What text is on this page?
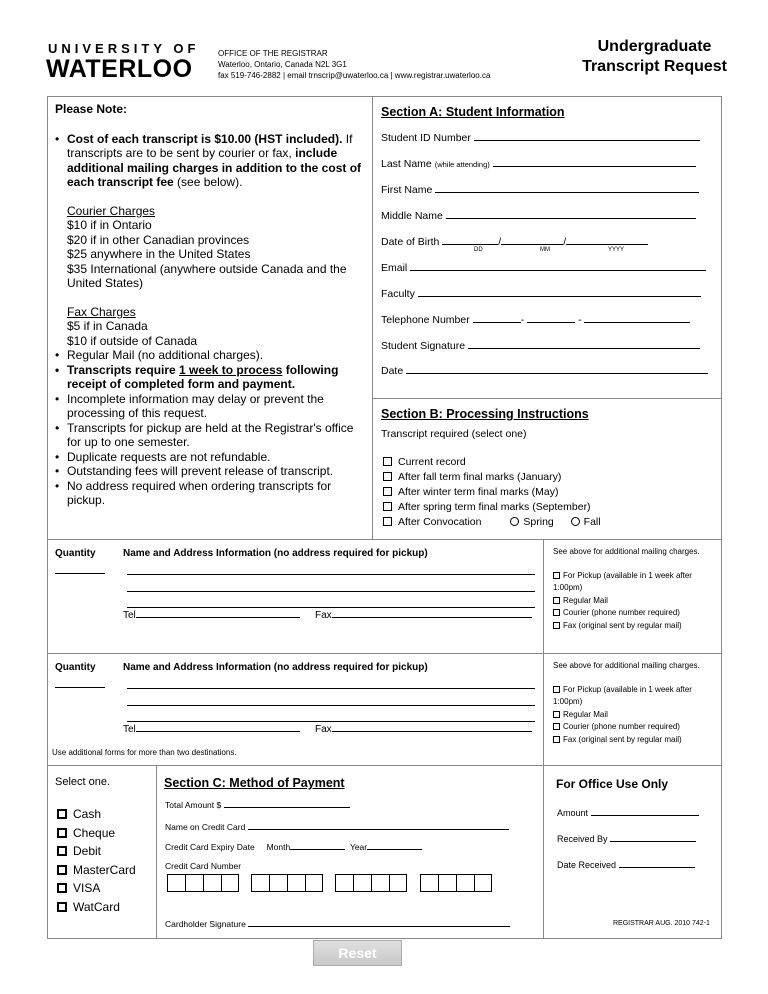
UNIVERSITY OF
WATERLOO
OFFICE OF THE REGISTRAR
Waterloo, Ontario, Canada N2L 3G1
fax 519-746-2882 | email trnscrip@uwaterloo.ca | www.registrar.uwaterloo.ca
Undergraduate
Transcript Request
Please Note:
• Cost of each transcript is $10.00 (HST included). If transcripts are to be sent by courier or fax, include additional mailing charges in addition to the cost of each transcript fee (see below).
Courier Charges
$10 if in Ontario
$20 if in other Canadian provinces
$25 anywhere in the United States
$35 International (anywhere outside Canada and the United States)
Fax Charges
$5 if in Canada
$10 if outside of Canada
• Regular Mail (no additional charges).
• Transcripts require 1 week to process following receipt of completed form and payment.
• Incomplete information may delay or prevent the processing of this request.
• Transcripts for pickup are held at the Registrar's office for up to one semester.
• Duplicate requests are not refundable.
• Outstanding fees will prevent release of transcript.
• No address required when ordering transcripts for pickup.
Section A: Student Information
Student ID Number
Last Name (while attending)
First Name
Middle Name
Date of Birth	/	/
DD	MM	YYYY
Email
Faculty
Telephone Number	-	-
Student Signature
Date
Section B: Processing Instructions
Transcript required (select one)
Current record
After fall term final marks (January)
After winter term final marks (May)
After spring term final marks (September)
After Convocation	Spring	Fall
Quantity	Name and Address Information (no address required for pickup)
Tel	Fax
See above for additional mailing charges.
For Pickup (available in 1 week after 1:00pm)
Regular Mail
Courier (phone number required)
Fax (original sent by regular mail)
Quantity	Name and Address Information (no address required for pickup)
Tel	Fax
Use additional forms for more than two destinations.
See above for additional mailing charges.
For Pickup (available in 1 week after 1:00pm)
Regular Mail
Courier (phone number required)
Fax (original sent by regular mail)
Select one.
Cash
Cheque
Debit
MasterCard
VISA
WatCard
Section C: Method of Payment
Total Amount $
Name on Credit Card
Credit Card Expiry Date Month	Year
Credit Card Number
Cardholder Signature
For Office Use Only
Amount
Received By
Date Received
REGISTRAR AUG. 2010 742-1
Reset
